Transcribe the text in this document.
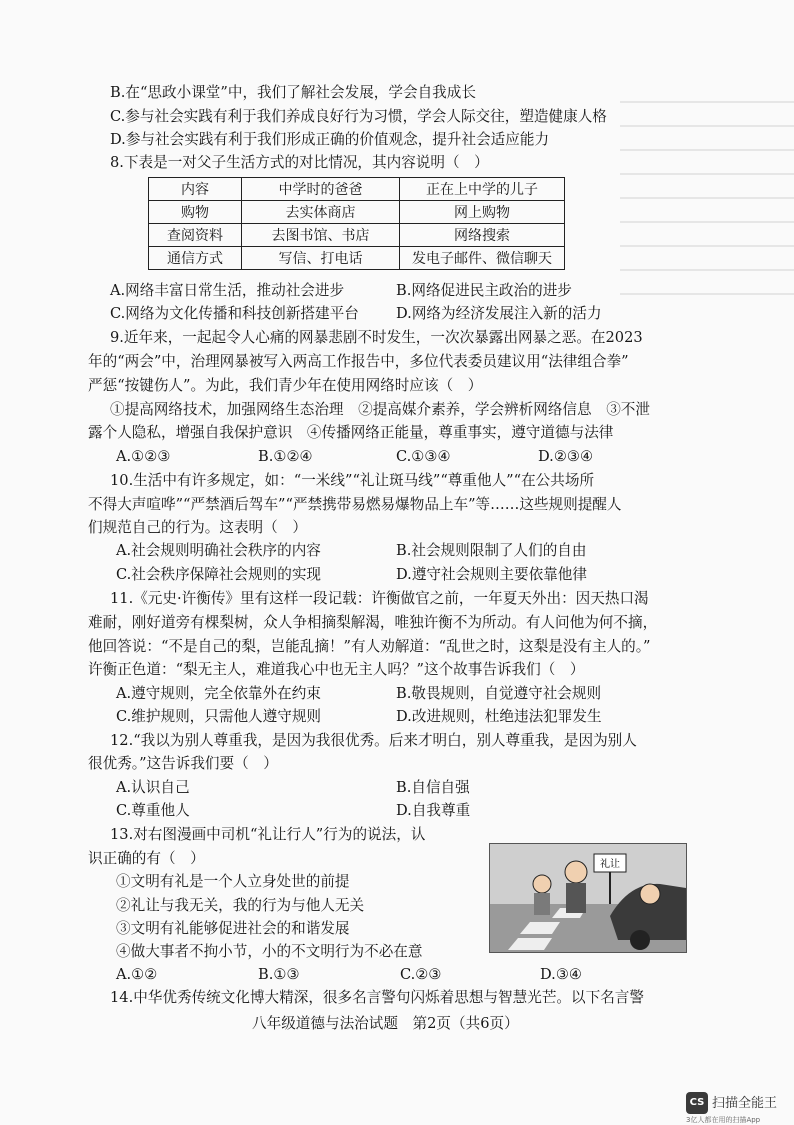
B.在“思政小课堂”中，我们了解社会发展，学会自我成长
C.参与社会实践有利于我们养成良好行为习惯，学会人际交往，塑造健康人格
D.参与社会实践有利于我们形成正确的价值观念，提升社会适应能力
8.下表是一对父子生活方式的对比情况，其内容说明（　）
内容	中学时的爸爸	正在上中学的儿子
购物	去实体商店	网上购物
查阅资料	去图书馆、书店	网络搜索
通信方式	写信、打电话	发电子邮件、微信聊天
A.网络丰富日常生活，推动社会进步	B.网络促进民主政治的进步
C.网络为文化传播和科技创新搭建平台	D.网络为经济发展注入新的活力
9.近年来，一起起令人心痛的网暴悲剧不时发生，一次次暴露出网暴之恶。在2023
年的“两会”中，治理网暴被写入两高工作报告中，多位代表委员建议用“法律组合拳”
严惩“按键伤人”。为此，我们青少年在使用网络时应该（　）
①提高网络技术，加强网络生态治理　②提高媒介素养，学会辨析网络信息　③不泄
露个人隐私，增强自我保护意识　④传播网络正能量，尊重事实，遵守道德与法律
A.①②③	B.①②④	C.①③④	D.②③④
10.生活中有许多规定，如：“一米线”“礼让斑马线”“尊重他人”“在公共场所
不得大声喧哗”“严禁酒后驾车”“严禁携带易燃易爆物品上车”等……这些规则提醒人
们规范自己的行为。这表明（　）
A.社会规则明确社会秩序的内容	B.社会规则限制了人们的自由
C.社会秩序保障社会规则的实现	D.遵守社会规则主要依靠他律
11.《元史·许衡传》里有这样一段记载：许衡做官之前，一年夏天外出：因天热口渴
难耐，刚好道旁有棵梨树，众人争相摘梨解渴，唯独许衡不为所动。有人问他为何不摘，
他回答说：“不是自己的梨，岂能乱摘！”有人劝解道：“乱世之时，这梨是没有主人的。”
许衡正色道：“梨无主人，难道我心中也无主人吗？”这个故事告诉我们（　）
A.遵守规则，完全依靠外在约束	B.敬畏规则，自觉遵守社会规则
C.维护规则，只需他人遵守规则	D.改进规则，杜绝违法犯罪发生
12.“我以为别人尊重我，是因为我很优秀。后来才明白，别人尊重我，是因为别人
很优秀。”这告诉我们要（　）
A.认识自己	B.自信自强
C.尊重他人	D.自我尊重
13.对右图漫画中司机“礼让行人”行为的说法，认
识正确的有（　）
①文明有礼是一个人立身处世的前提
②礼让与我无关，我的行为与他人无关
③文明有礼能够促进社会的和谐发展
④做大事者不拘小节，小的不文明行为不必在意
A.①②	B.①③	C.②③	D.③④
礼让
14.中华优秀传统文化博大精深，很多名言警句闪烁着思想与智慧光芒。以下名言警
八年级道德与法治试题　第2页（共6页）
CS 扫描全能王
3亿人都在用的扫描App
